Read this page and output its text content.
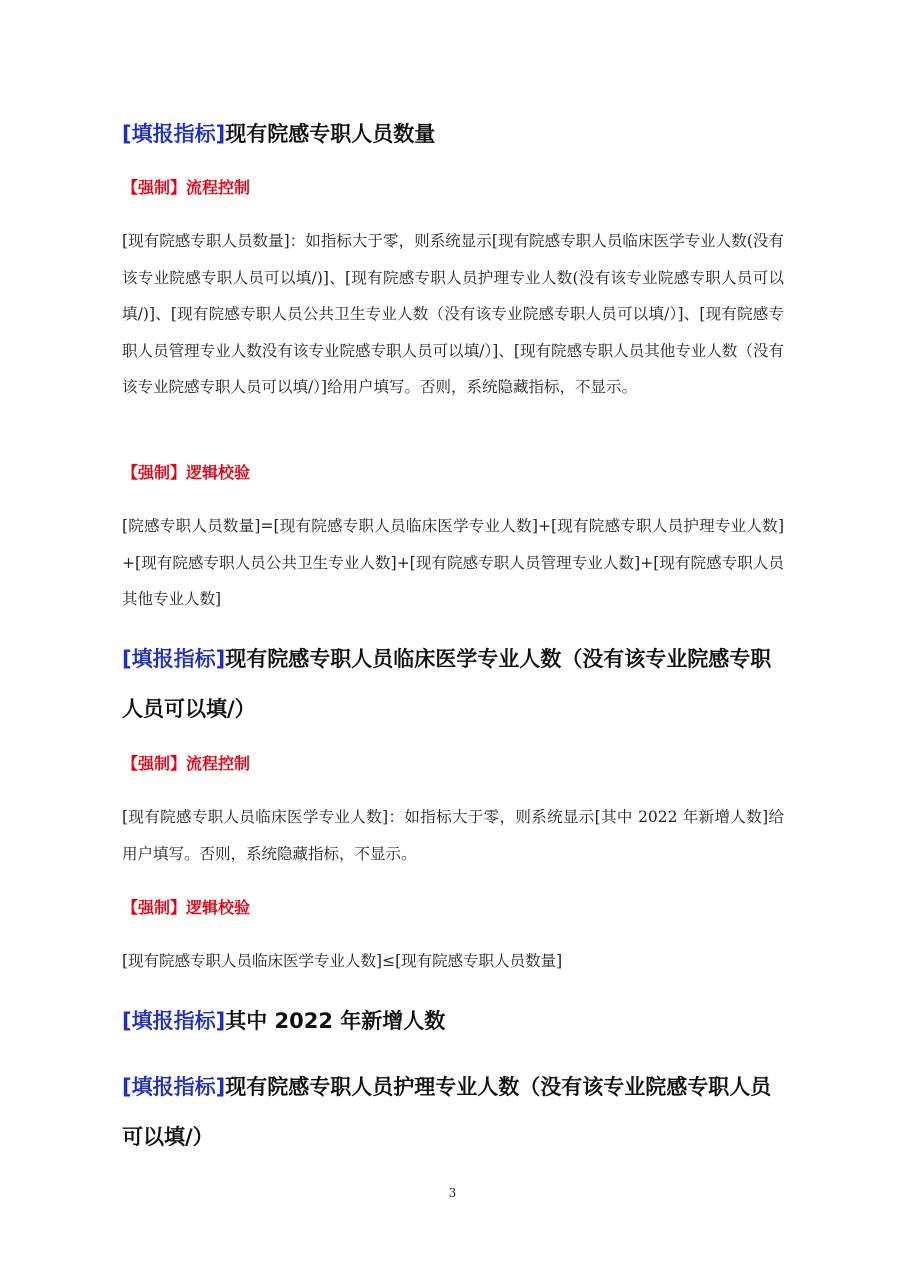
[填报指标]现有院感专职人员数量

【强制】流程控制

[现有院感专职人员数量]：如指标大于零，则系统显示[现有院感专职人员临床医学专业人数(没有该专业院感专职人员可以填/)]、[现有院感专职人员护理专业人数(没有该专业院感专职人员可以填/)]、[现有院感专职人员公共卫生专业人数（没有该专业院感专职人员可以填/）]、[现有院感专职人员管理专业人数没有该专业院感专职人员可以填/）]、[现有院感专职人员其他专业人数（没有该专业院感专职人员可以填/）]给用户填写。否则，系统隐藏指标，不显示。

【强制】逻辑校验

[院感专职人员数量]=[现有院感专职人员临床医学专业人数]+[现有院感专职人员护理专业人数]+[现有院感专职人员公共卫生专业人数]+[现有院感专职人员管理专业人数]+[现有院感专职人员其他专业人数]

[填报指标]现有院感专职人员临床医学专业人数（没有该专业院感专职人员可以填/）

【强制】流程控制

[现有院感专职人员临床医学专业人数]：如指标大于零，则系统显示[其中 2022 年新增人数]给用户填写。否则，系统隐藏指标，不显示。

【强制】逻辑校验

[现有院感专职人员临床医学专业人数]≤[现有院感专职人员数量]

[填报指标]其中 2022 年新增人数

[填报指标]现有院感专职人员护理专业人数（没有该专业院感专职人员可以填/）

3
